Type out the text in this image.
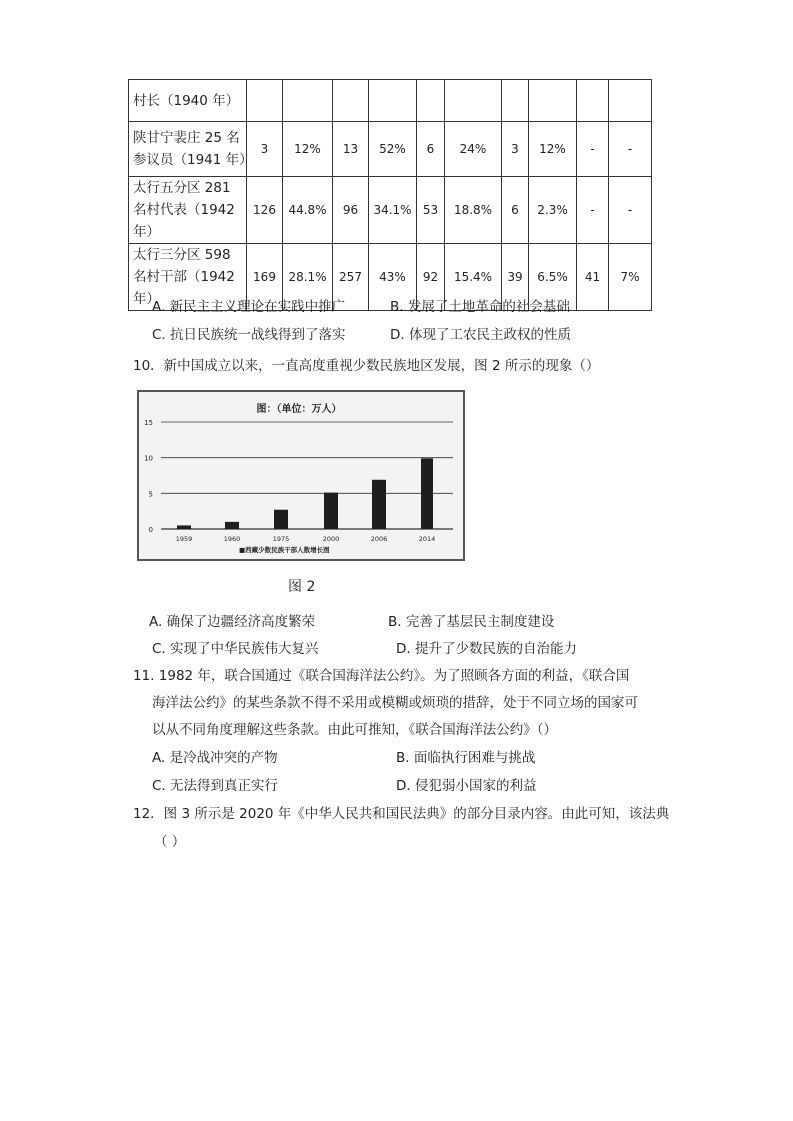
村长（1940 年）										
陕甘宁裴庄 25 名参议员（1941 年）	3	12%	13	52%	6	24%	3	12%	-	-
太行五分区 281 名村代表（1942 年）	126	44.8%	96	34.1%	53	18.8%	6	2.3%	-	-
太行三分区 598 名村干部（1942 年）	169	28.1%	257	43%	92	15.4%	39	6.5%	41	7%
A. 新民主主义理论在实践中推广	B. 发展了土地革命的社会基础
C. 抗日民族统一战线得到了落实	D. 体现了工农民主政权的性质
10．新中国成立以来，一直高度重视少数民族地区发展，图 2 所示的现象（）
图：（单位：万人）
0
5
10
15
1959	1960	1975	2000	2006	2014
■西藏少数民族干部人数增长图
图 2
A. 确保了边疆经济高度繁荣	B. 完善了基层民主制度建设
C. 实现了中华民族伟大复兴	D. 提升了少数民族的自治能力
11. 1982 年，联合国通过《联合国海洋法公约》。为了照顾各方面的利益，《联合国
海洋法公约》的某些条款不得不采用或模糊或烦琐的措辞，处于不同立场的国家可
以从不同角度理解这些条款。由此可推知，《联合国海洋法公约》（）
A. 是冷战冲突的产物	B. 面临执行困难与挑战
C. 无法得到真正实行	D. 侵犯弱小国家的利益
12．图 3 所示是 2020 年《中华人民共和国民法典》的部分目录内容。由此可知，该法典
（ ）
